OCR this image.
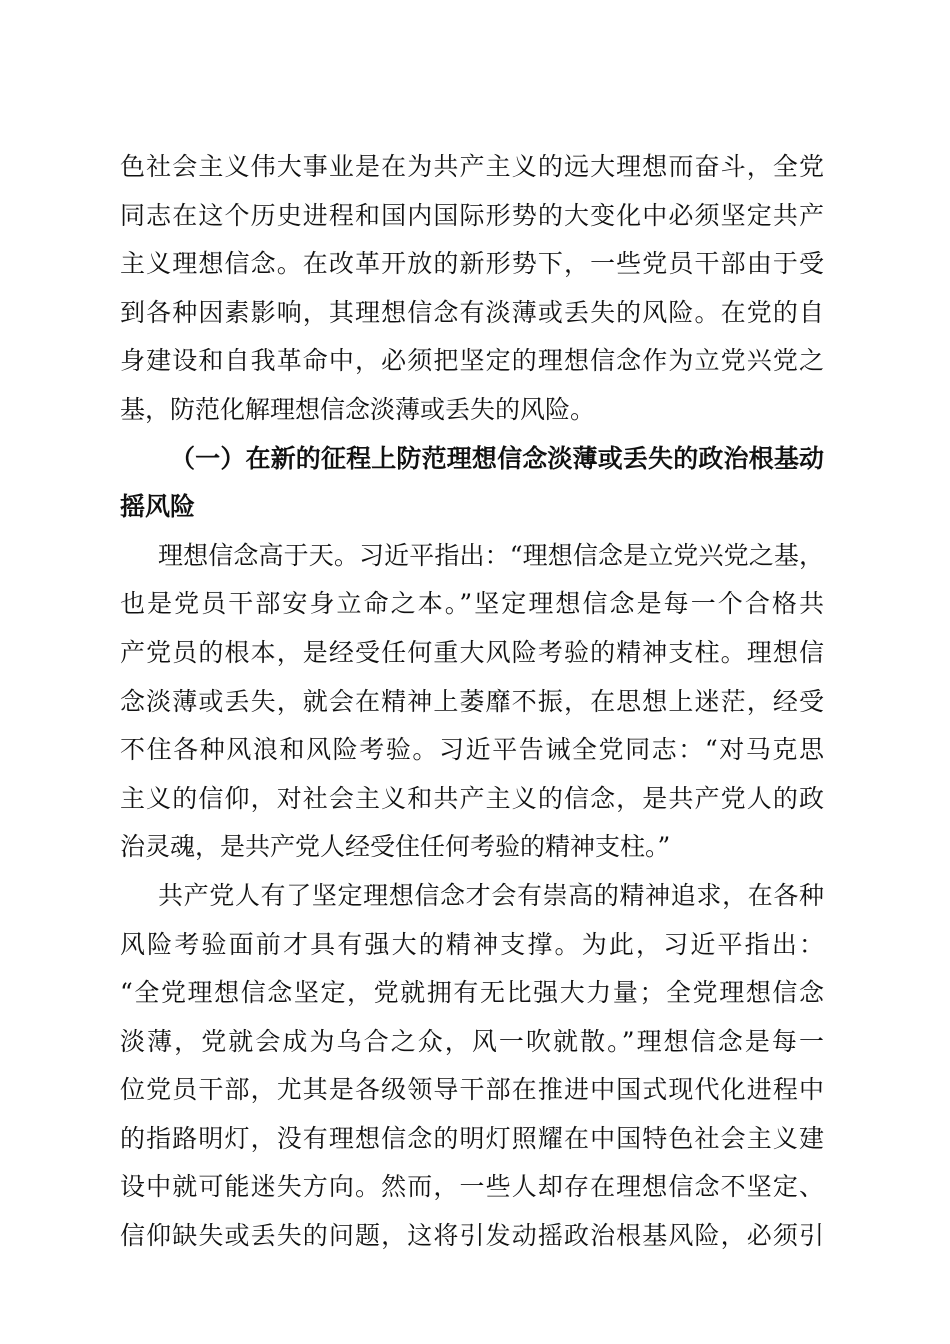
色社会主义伟大事业是在为共产主义的远大理想而奋斗，全党
同志在这个历史进程和国内国际形势的大变化中必须坚定共产
主义理想信念。在改革开放的新形势下，一些党员干部由于受
到各种因素影响，其理想信念有淡薄或丢失的风险。在党的自
身建设和自我革命中，必须把坚定的理想信念作为立党兴党之
基，防范化解理想信念淡薄或丢失的风险。

（一）在新的征程上防范理想信念淡薄或丢失的政治根基动
摇风险

理想信念高于天。习近平指出：“理想信念是立党兴党之基，
也是党员干部安身立命之本。”坚定理想信念是每一个合格共
产党员的根本，是经受任何重大风险考验的精神支柱。理想信
念淡薄或丢失，就会在精神上萎靡不振，在思想上迷茫，经受
不住各种风浪和风险考验。习近平告诫全党同志：“对马克思
主义的信仰，对社会主义和共产主义的信念，是共产党人的政
治灵魂，是共产党人经受住任何考验的精神支柱。”

共产党人有了坚定理想信念才会有崇高的精神追求，在各种
风险考验面前才具有强大的精神支撑。为此，习近平指出：
“全党理想信念坚定，党就拥有无比强大力量；全党理想信念
淡薄，党就会成为乌合之众，风一吹就散。”理想信念是每一
位党员干部，尤其是各级领导干部在推进中国式现代化进程中
的指路明灯，没有理想信念的明灯照耀在中国特色社会主义建
设中就可能迷失方向。然而，一些人却存在理想信念不坚定、
信仰缺失或丢失的问题，这将引发动摇政治根基风险，必须引
